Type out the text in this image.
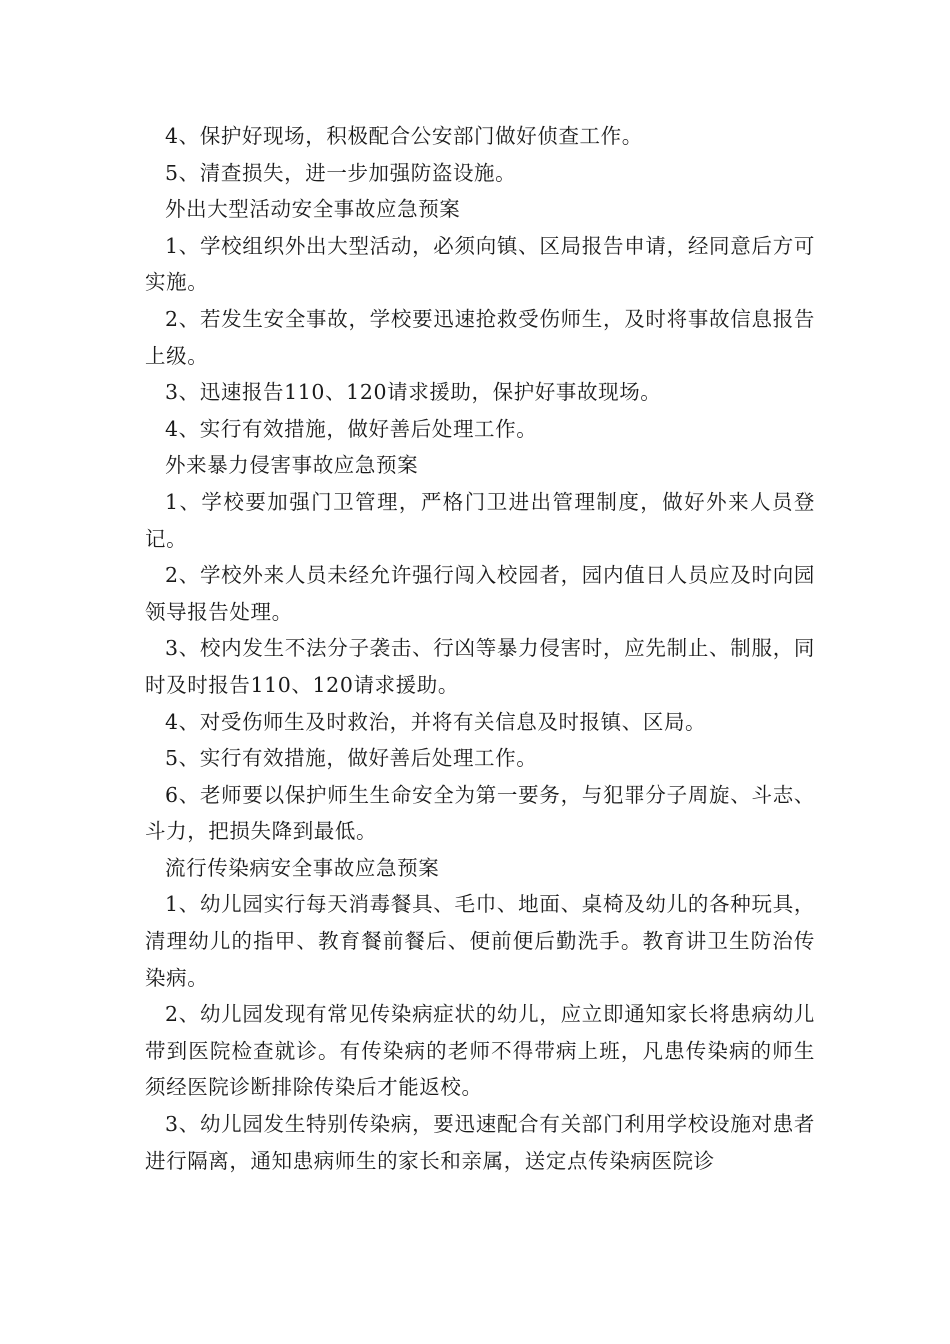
4、保护好现场，积极配合公安部门做好侦查工作。

5、清查损失，进一步加强防盗设施。

外出大型活动安全事故应急预案

1、学校组织外出大型活动，必须向镇、区局报告申请，经同意后方可实施。

2、若发生安全事故，学校要迅速抢救受伤师生，及时将事故信息报告上级。

3、迅速报告110、120请求援助，保护好事故现场。

4、实行有效措施，做好善后处理工作。

外来暴力侵害事故应急预案

1、学校要加强门卫管理，严格门卫进出管理制度，做好外来人员登记。

2、学校外来人员未经允许强行闯入校园者，园内值日人员应及时向园领导报告处理。

3、校内发生不法分子袭击、行凶等暴力侵害时，应先制止、制服，同时及时报告110、120请求援助。

4、对受伤师生及时救治，并将有关信息及时报镇、区局。

5、实行有效措施，做好善后处理工作。

6、老师要以保护师生生命安全为第一要务，与犯罪分子周旋、斗志、斗力，把损失降到最低。

流行传染病安全事故应急预案

1、幼儿园实行每天消毒餐具、毛巾、地面、桌椅及幼儿的各种玩具，清理幼儿的指甲、教育餐前餐后、便前便后勤洗手。教育讲卫生防治传染病。

2、幼儿园发现有常见传染病症状的幼儿，应立即通知家长将患病幼儿带到医院检查就诊。有传染病的老师不得带病上班，凡患传染病的师生须经医院诊断排除传染后才能返校。

3、幼儿园发生特别传染病，要迅速配合有关部门利用学校设施对患者进行隔离，通知患病师生的家长和亲属，送定点传染病医院诊
